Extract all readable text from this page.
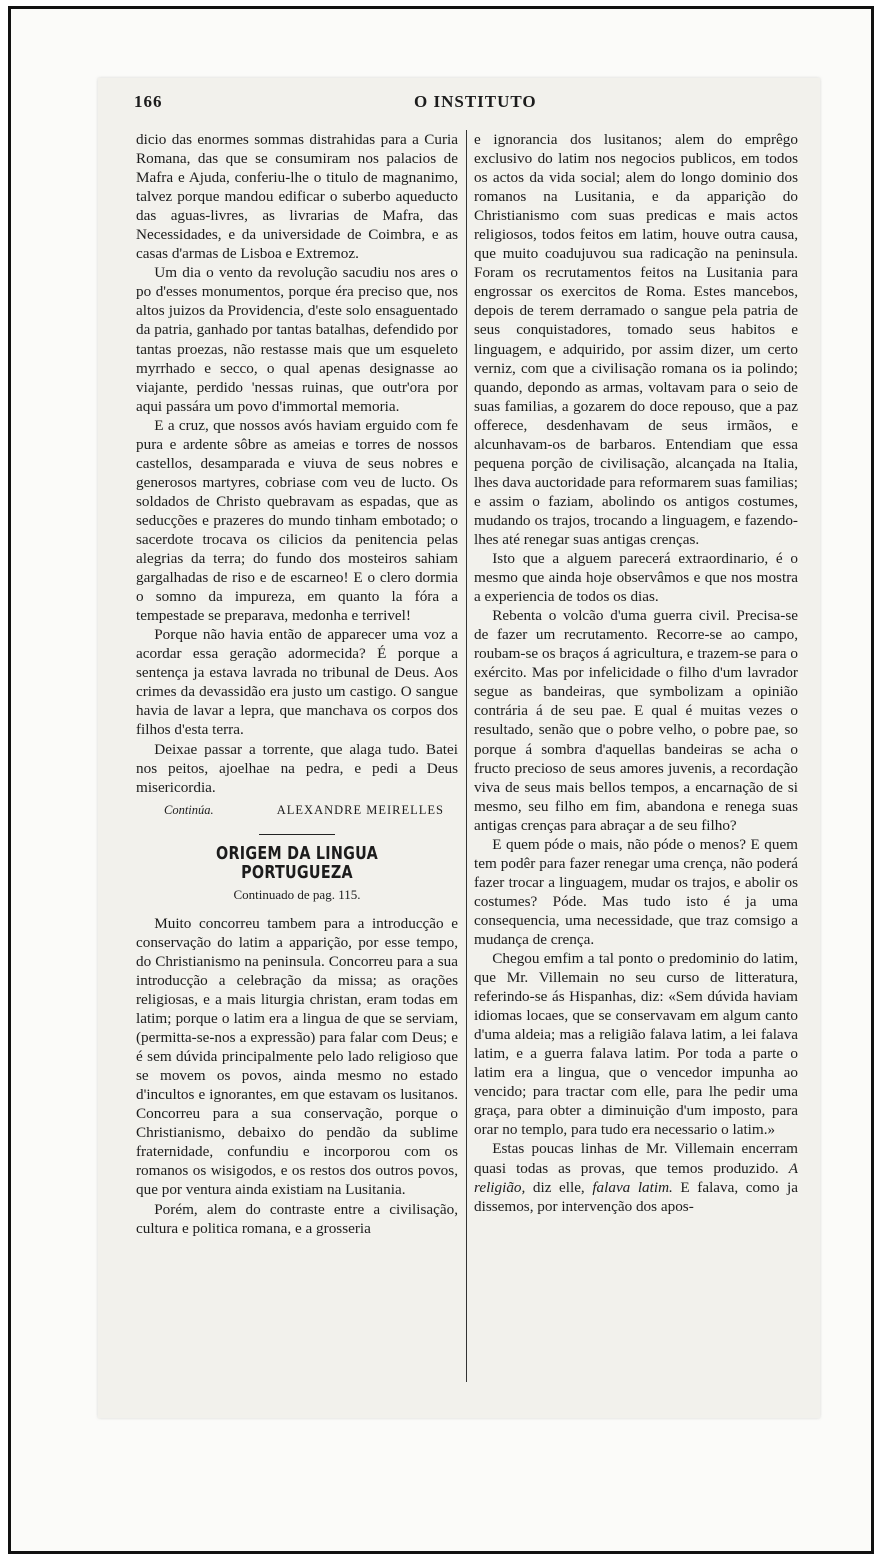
166	O INSTITUTO

dicio das enormes sommas distrahidas para a Curia Romana, das que se consumiram nos palacios de Mafra e Ajuda, conferiu-lhe o titulo de magnanimo, talvez porque mandou edificar o suberbo aqueducto das aguas-livres, as livrarias de Mafra, das Necessidades, e da universidade de Coimbra, e as casas d'armas de Lisboa e Extremoz.

Um dia o vento da revolução sacudiu nos ares o po d'esses monumentos, porque éra preciso que, nos altos juizos da Providencia, d'este solo ensaguentado da patria, ganhado por tantas batalhas, defendido por tantas proezas, não restasse mais que um esqueleto myrrhado e secco, o qual apenas designasse ao viajante, perdido 'nessas ruinas, que outr'ora por aqui passára um povo d'immortal memoria.

E a cruz, que nossos avós haviam erguido com fe pura e ardente sôbre as ameias e torres de nossos castellos, desamparada e viuva de seus nobres e generosos martyres, cobriase com veu de lucto. Os soldados de Christo quebravam as espadas, que as seducções e prazeres do mundo tinham embotado; o sacerdote trocava os cilicios da penitencia pelas alegrias da terra; do fundo dos mosteiros sahiam gargalhadas de riso e de escarneo! E o clero dormia o somno da impureza, em quanto la fóra a tempestade se preparava, medonha e terrivel!

Porque não havia então de apparecer uma voz a acordar essa geração adormecida? É porque a sentença ja estava lavrada no tribunal de Deus. Aos crimes da devassidão era justo um castigo. O sangue havia de lavar a lepra, que manchava os corpos dos filhos d'esta terra.

Deixae passar a torrente, que alaga tudo. Batei nos peitos, ajoelhae na pedra, e pedi a Deus misericordia.

Continúa.	ALEXANDRE MEIRELLES
ORIGEM DA LINGUA PORTUGUEZA
Continuado de pag. 115.

Muito concorreu tambem para a introducção e conservação do latim a apparição, por esse tempo, do Christianismo na peninsula. Concorreu para a sua introducção a celebração da missa; as orações religiosas, e a mais liturgia christan, eram todas em latim; porque o latim era a lingua de que se serviam, (permitta-se-nos a expressão) para falar com Deus; e é sem dúvida principalmente pelo lado religioso que se movem os povos, ainda mesmo no estado d'incultos e ignorantes, em que estavam os lusitanos. Concorreu para a sua conservação, porque o Christianismo, debaixo do pendão da sublime fraternidade, confundiu e incorporou com os romanos os wisigodos, e os restos dos outros povos, que por ventura ainda existiam na Lusitania.

Porém, alem do contraste entre a civilisação, cultura e politica romana, e a grosseria

e ignorancia dos lusitanos; alem do emprêgo exclusivo do latim nos negocios publicos, em todos os actos da vida social; alem do longo dominio dos romanos na Lusitania, e da apparição do Christianismo com suas predicas e mais actos religiosos, todos feitos em latim, houve outra causa, que muito coadujuvou sua radicação na peninsula. Foram os recrutamentos feitos na Lusitania para engrossar os exercitos de Roma. Estes mancebos, depois de terem derramado o sangue pela patria de seus conquistadores, tomado seus habitos e linguagem, e adquirido, por assim dizer, um certo verniz, com que a civilisação romana os ia polindo; quando, depondo as armas, voltavam para o seio de suas familias, a gozarem do doce repouso, que a paz offerece, desdenhavam de seus irmãos, e alcunhavam-os de barbaros. Entendiam que essa pequena porção de civilisação, alcançada na Italia, lhes dava auctoridade para reformarem suas familias; e assim o faziam, abolindo os antigos costumes, mudando os trajos, trocando a linguagem, e fazendo-lhes até renegar suas antigas crenças.

Isto que a alguem parecerá extraordinario, é o mesmo que ainda hoje observâmos e que nos mostra a experiencia de todos os dias.

Rebenta o volcão d'uma guerra civil. Precisa-se de fazer um recrutamento. Recorre-se ao campo, roubam-se os braços á agricultura, e trazem-se para o exército. Mas por infelicidade o filho d'um lavrador segue as bandeiras, que symbolizam a opinião contrária á de seu pae. E qual é muitas vezes o resultado, senão que o pobre velho, o pobre pae, so porque á sombra d'aquellas bandeiras se acha o fructo precioso de seus amores juvenis, a recordação viva de seus mais bellos tempos, a encarnação de si mesmo, seu filho em fim, abandona e renega suas antigas crenças para abraçar a de seu filho?

E quem póde o mais, não póde o menos? E quem tem podêr para fazer renegar uma crença, não poderá fazer trocar a linguagem, mudar os trajos, e abolir os costumes? Póde. Mas tudo isto é ja uma consequencia, uma necessidade, que traz comsigo a mudança de crença.

Chegou emfim a tal ponto o predominio do latim, que Mr. Villemain no seu curso de litteratura, referindo-se ás Hispanhas, diz: «Sem dúvida haviam idiomas locaes, que se conservavam em algum canto d'uma aldeia; mas a religião falava latim, a lei falava latim, e a guerra falava latim. Por toda a parte o latim era a lingua, que o vencedor impunha ao vencido; para tractar com elle, para lhe pedir uma graça, para obter a diminuição d'um imposto, para orar no templo, para tudo era necessario o latim.»

Estas poucas linhas de Mr. Villemain encerram quasi todas as provas, que temos produzido. A religião, diz elle, falava latim. E falava, como ja dissemos, por intervenção dos apos-
